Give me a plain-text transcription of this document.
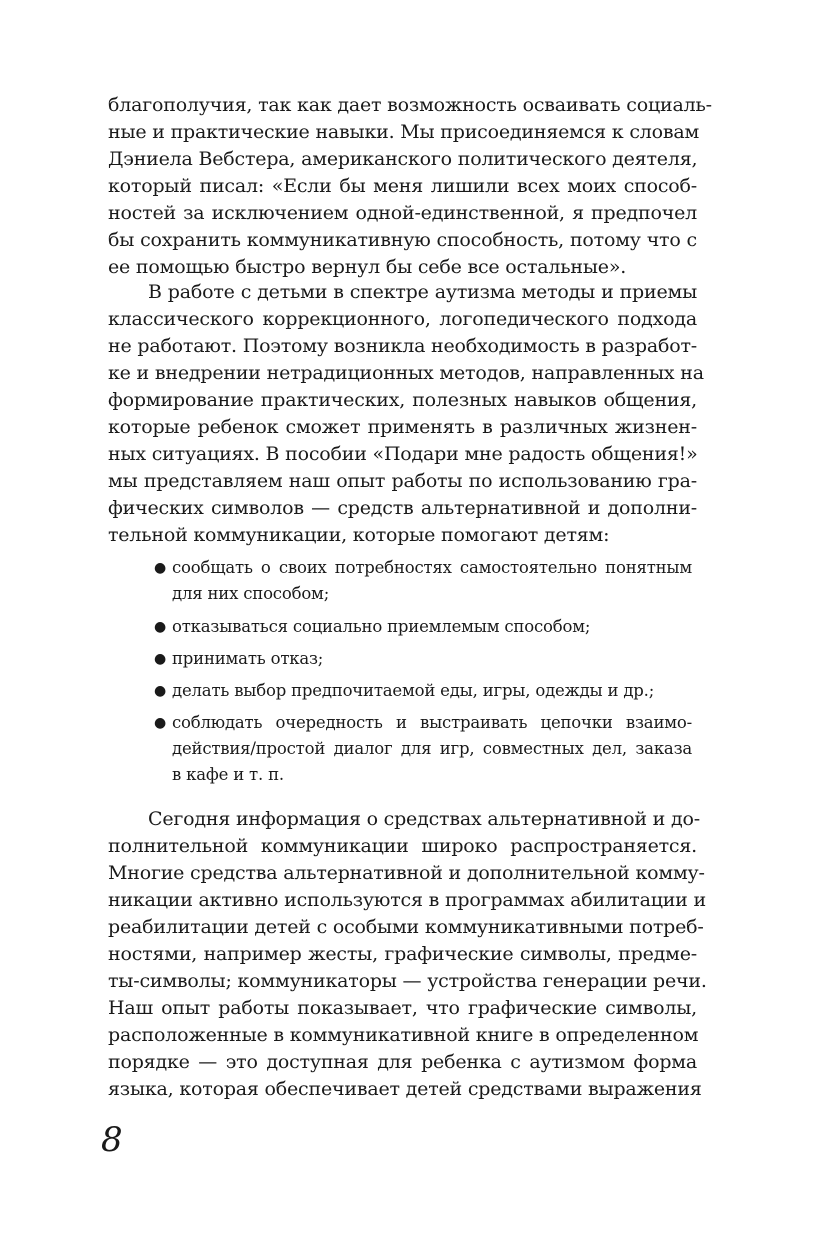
благополучия, так как дает возможность осваивать социаль-
ные и практические навыки. Мы присоединяемся к словам
Дэниела Вебстера, американского политического деятеля,
который писал: «Если бы меня лишили всех моих способ-
ностей за исключением одной-единственной, я предпочел
бы сохранить коммуникативную способность, потому что с
ее помощью быстро вернул бы себе все остальные».
В работе с детьми в спектре аутизма методы и приемы
классического коррекционного, логопедического подхода
не работают. Поэтому возникла необходимость в разработ-
ке и внедрении нетрадиционных методов, направленных на
формирование практических, полезных навыков общения,
которые ребенок сможет применять в различных жизнен-
ных ситуациях. В пособии «Подари мне радость общения!»
мы представляем наш опыт работы по использованию гра-
фических символов — средств альтернативной и дополни-
тельной коммуникации, которые помогают детям:
● сообщать о своих потребностях самостоятельно понятным
для них способом;
● отказываться социально приемлемым способом;
● принимать отказ;
● делать выбор предпочитаемой еды, игры, одежды и др.;
● соблюдать очередность и выстраивать цепочки взаимо-
действия/простой диалог для игр, совместных дел, заказа
в кафе и т. п.
Сегодня информация о средствах альтернативной и до-
полнительной коммуникации широко распространяется.
Многие средства альтернативной и дополнительной комму-
никации активно используются в программах абилитации и
реабилитации детей с особыми коммуникативными потреб-
ностями, например жесты, графические символы, предме-
ты-символы; коммуникаторы — устройства генерации речи.
Наш опыт работы показывает, что графические символы,
расположенные в коммуникативной книге в определенном
порядке — это доступная для ребенка с аутизмом форма
языка, которая обеспечивает детей средствами выражения
8
